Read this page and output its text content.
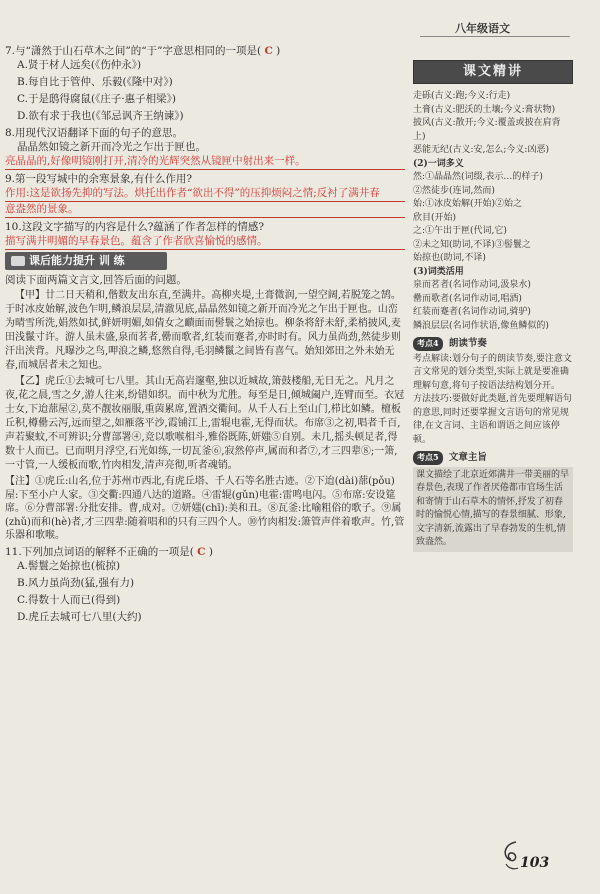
八年级语文
7.与“潇然于山石草木之间”的“于”字意思相同的一项是( C )
A.贤于材人远矣(《伤仲永》)
B.每自比于管仲、乐毅(《隆中对》)
C.于是鸱得腐鼠(《庄子·惠子相梁》)
D.欲有求于我也(《邹忌讽齐王纳谏》)
8.用现代汉语翻译下面的句子的意思。
晶晶然如镜之新开而冷光之乍出于匣也。
亮晶晶的,好像明镜刚打开,清冷的光辉突然从镜匣中射出来一样。
9.第一段写城中的余寒景象,有什么作用?
作用:这是欲扬先抑的写法。烘托出作者“欲出不得”的压抑烦闷之情;反衬了满井春
意盎然的景象。
10.这段文字描写的内容是什么?蕴涵了作者怎样的情感?
描写满井明媚的早春景色。蕴含了作者欣喜愉悦的感情。
课后能力提升 训 练
阅读下面两篇文言文,回答后面的问题。

【甲】廿二日天稍和,偕数友出东直,至满井。高柳夹堤,土膏微润,一望空阔,若脱笼之鹄。于时冰皮始解,波色乍明,鳞浪层层,清澈见底,晶晶然如镜之新开而冷光之乍出于匣也。山峦为晴雪所洗,娟然如拭,鲜妍明媚,如倩女之靧面而髻鬟之始掠也。柳条将舒未舒,柔梢披风,麦田浅鬣寸许。游人虽未盛,泉而茗者,罍而歌者,红装而蹇者,亦时时有。风力虽尚劲,然徒步则汗出浃背。凡曝沙之鸟,呷浪之鳞,悠然自得,毛羽鳞鬣之间皆有喜气。始知郊田之外未始无春,而城居者未之知也。

【乙】虎丘①去城可七八里。其山无高岩邃壑,独以近城故,箫鼓楼船,无日无之。凡月之夜,花之晨,雪之夕,游人往来,纷错如织。而中秋为尤胜。每至是日,倾城阖户,连臂而至。衣冠士女,下迨蔀屋②,莫不靓妆丽服,重茵累席,置酒交衢间。从千人石上至山门,栉比如鳞。檀板丘积,樽罍云泻,远而望之,如雁落平沙,霞铺江上,雷辊电霍,无得而状。布席③之初,唱者千百,声若聚蚊,不可辨识;分曹部署④,竞以歌喉相斗,雅俗既陈,妍媸⑤自别。未几,摇头顿足者,得数十人而已。已而明月浮空,石光如练,一切瓦釜⑥,寂然停声,属而和者⑦,才三四辈⑧;一箫,一寸管,一人缓板而歌,竹肉相发,清声亮彻,听者魂销。

【注】①虎丘:山名,位于苏州市西北,有虎丘塔、千人石等名胜古迹。②下迨(dài)蔀(pǒu)屋:下至小户人家。③交衢:四通八达的道路。④雷辊(gǔn)电霍:雷鸣电闪。⑤布席:安设筵席。⑥分曹部署:分批安排。曹,成对。⑦妍媸(chī):美和丑。⑧瓦釜:比喻粗俗的歌子。⑨属(zhǔ)而和(hè)者,才三四辈:随着唱和的只有三四个人。⑩竹肉相发:箫管声伴着歌声。竹,管乐器和歌喉。
11.下列加点词语的解释不正确的一项是( C )
A.髻鬟之始掠也(梳掠)
B.风力虽尚劲(猛,强有力)
C.得数十人而已(得到)
D.虎丘去城可七八里(大约)
课文精讲

走砾(古义:跑;今义:行走)

土膏(古义:肥沃的土壤;今义:膏状物)

披风(古义:散开;今义:覆盖或披在肩背上)

恶能无纪(古义:安,怎么;今义:凶恶)

(2)一词多义

然:①晶晶然(词缀,表示…的样子)

②然徒步(连词,然而)

始:①冰皮始解(开始)②始之

欣目(开始)

之:①午出于匣(代词,它)

②未之知(助词,不译)③髻鬟之

始掠也(助词,不译)

(3)词类活用

泉而茗者(名词作动词,汲泉水)

罍而歌者(名词作动词,唱酒)

红装而蹇者(名词作动词,骑驴)

鳞浪层层(名词作状语,像鱼鳞似的)

考点4 朗读节奏

考点解读:划分句子的朗读节奏,要注意文言文常见的划分类型,实际上就是要准确理解句意,将句子按语法结构划分开。

方法技巧:要做好此类题,首先要理解语句的意思,同时还要掌握文言语句的常见规律,在文言词、主语和谓语之间应该停顿。

考点5 文章主旨

课文描绘了北京近郊满井一带美丽的早春景色,表现了作者厌倦都市官场生活和寄情于山石草木的情怀,抒发了初春时的愉悦心情,描写的春景细腻、形象,文字清新,流露出了早春勃发的生机,情致盎然。

103
